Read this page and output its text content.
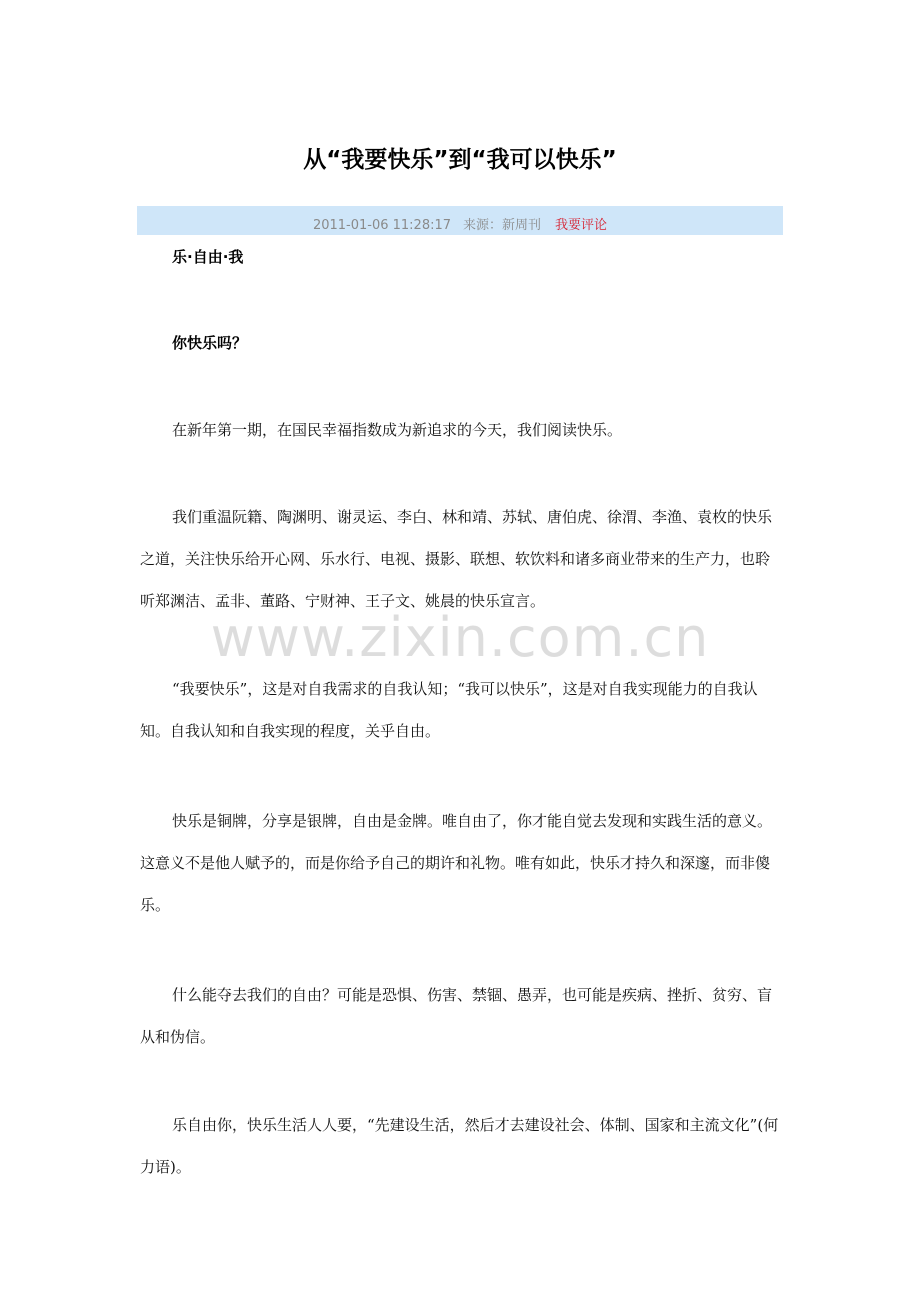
从“我要快乐”到“我可以快乐”
2011-01-06 11:28:17 来源：新周刊 我要评论
乐·自由·我
你快乐吗？
在新年第一期，在国民幸福指数成为新追求的今天，我们阅读快乐。
我们重温阮籍、陶渊明、谢灵运、李白、林和靖、苏轼、唐伯虎、徐渭、李渔、袁枚的快乐之道，关注快乐给开心网、乐水行、电视、摄影、联想、软饮料和诸多商业带来的生产力，也聆听郑渊洁、孟非、董路、宁财神、王子文、姚晨的快乐宣言。
www.zixin.com.cn
“我要快乐”，这是对自我需求的自我认知；“我可以快乐”，这是对自我实现能力的自我认知。自我认知和自我实现的程度，关乎自由。
快乐是铜牌，分享是银牌，自由是金牌。唯自由了，你才能自觉去发现和实践生活的意义。这意义不是他人赋予的，而是你给予自己的期许和礼物。唯有如此，快乐才持久和深邃，而非傻乐。
什么能夺去我们的自由？可能是恐惧、伤害、禁锢、愚弄，也可能是疾病、挫折、贫穷、盲从和伪信。
乐自由你，快乐生活人人要，“先建设生活，然后才去建设社会、体制、国家和主流文化”(何力语)。
